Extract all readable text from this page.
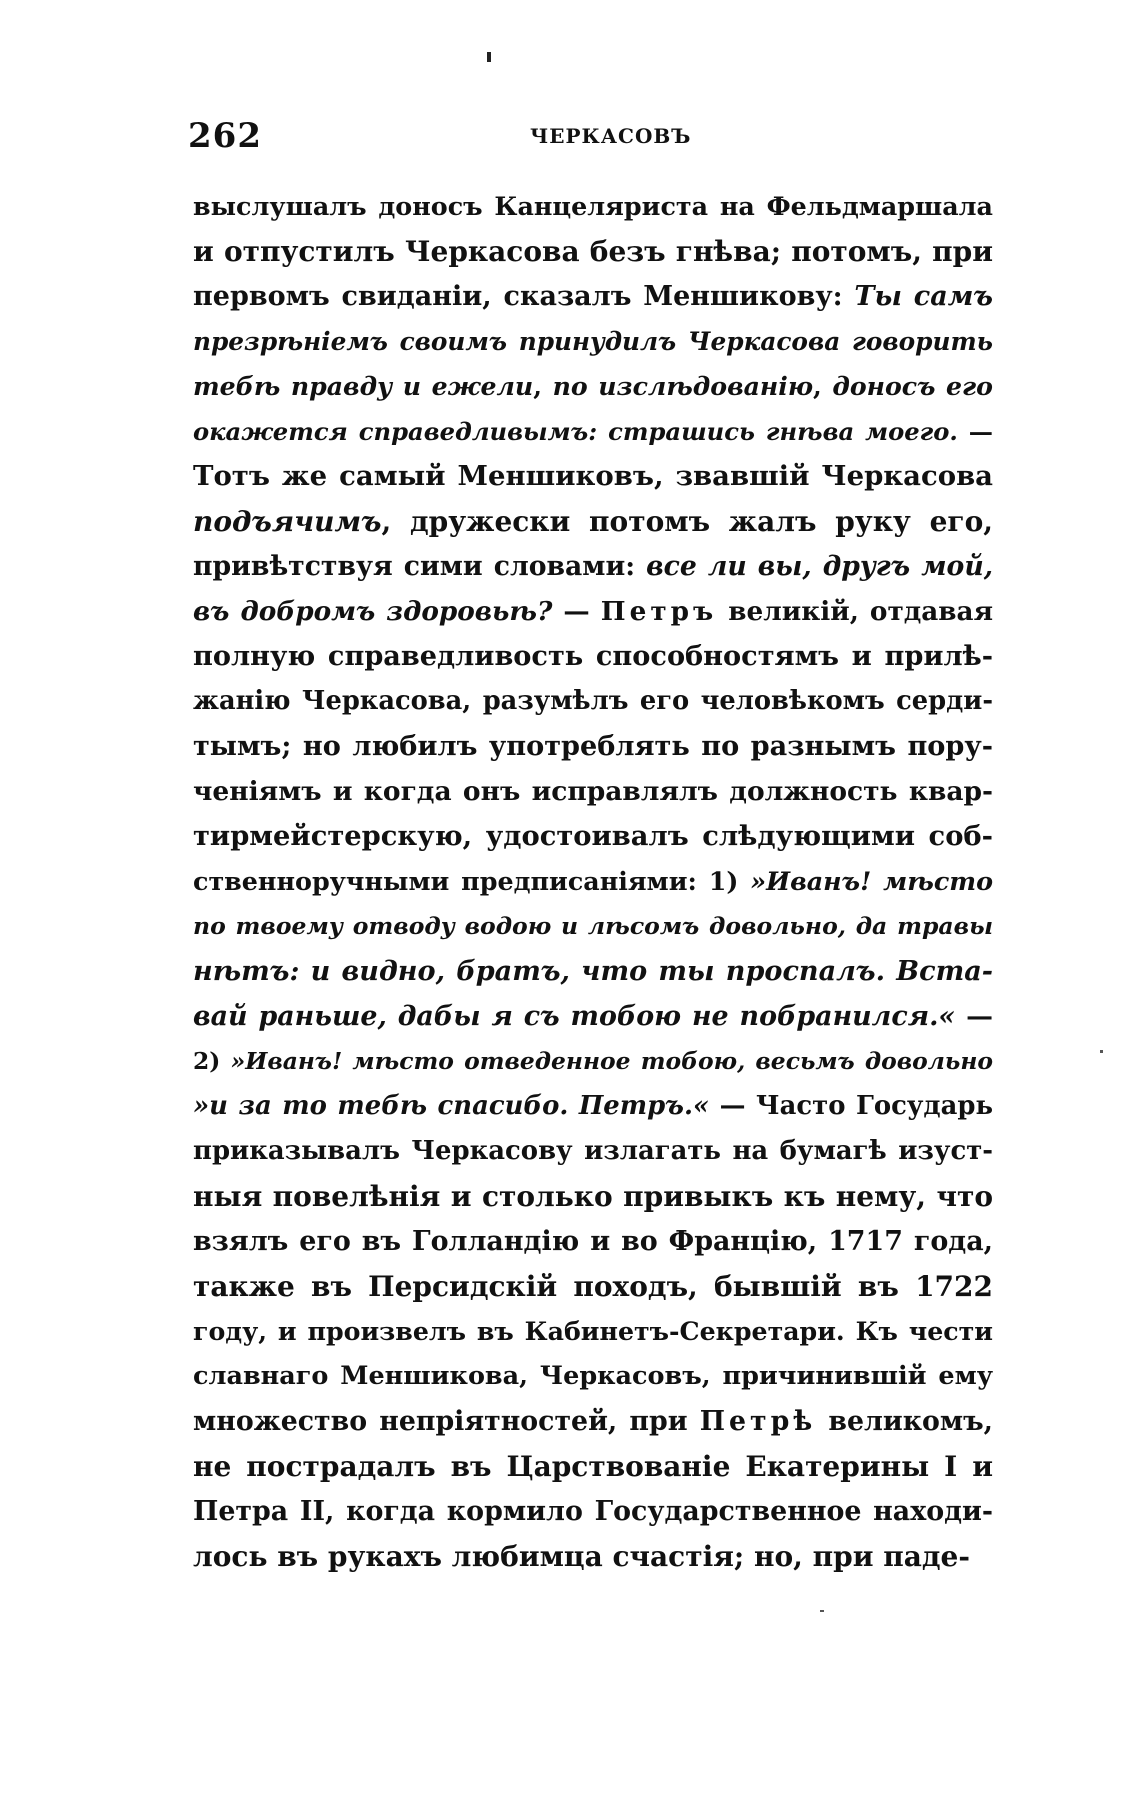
262	ЧЕРКАСОВЪ
выслушалъ доносъ Канцеляриста на Фельдмаршала
и отпустилъ Черкасова безъ гнѣва; потомъ, при
первомъ свиданіи, сказалъ Меншикову: Ты самъ
презрѣніемъ своимъ принудилъ Черкасова говорить
тебѣ правду и ежели, по изслѣдованію, доносъ его
окажется справедливымъ: страшись гнѣва моего. —
Тотъ же самый Меншиковъ, звавшій Черкасова
подъячимъ, дружески потомъ жалъ руку его,
привѣтствуя сими словами: все ли вы, другъ мой,
въ добромъ здоровьѣ? — Петръ великій, отдавая
полную справедливость способностямъ и прилѣ-
жанію Черкасова, разумѣлъ его человѣкомъ серди-
тымъ; но любилъ употреблять по разнымъ пору-
ченіямъ и когда онъ исправлялъ должность квар-
тирмейстерскую, удостоивалъ слѣдующими соб-
ственноручными предписаніями: 1) »Иванъ! мѣсто
по твоему отводу водою и лѣсомъ довольно, да травы
нѣтъ: и видно, братъ, что ты проспалъ. Вста-
вай раньше, дабы я съ тобою не побранился.« —
2) »Иванъ! мѣсто отведенное тобою, весьмъ довольно
»и за то тебѣ спасибо. Петръ.« — Часто Государь
приказывалъ Черкасову излагать на бумагѣ изуст-
ныя повелѣнія и столько привыкъ къ нему, что
взялъ его въ Голландію и во Францію, 1717 года,
также въ Персидскій походъ, бывшій въ 1722
году, и произвелъ въ Кабинетъ-Секретари. Къ чести
славнаго Меншикова, Черкасовъ, причинившій ему
множество непріятностей, при Петрѣ великомъ,
не пострадалъ въ Царствованіе Екатерины I и
Петра II, когда кормило Государственное находи-
лось въ рукахъ любимца счастія; но, при паде-
